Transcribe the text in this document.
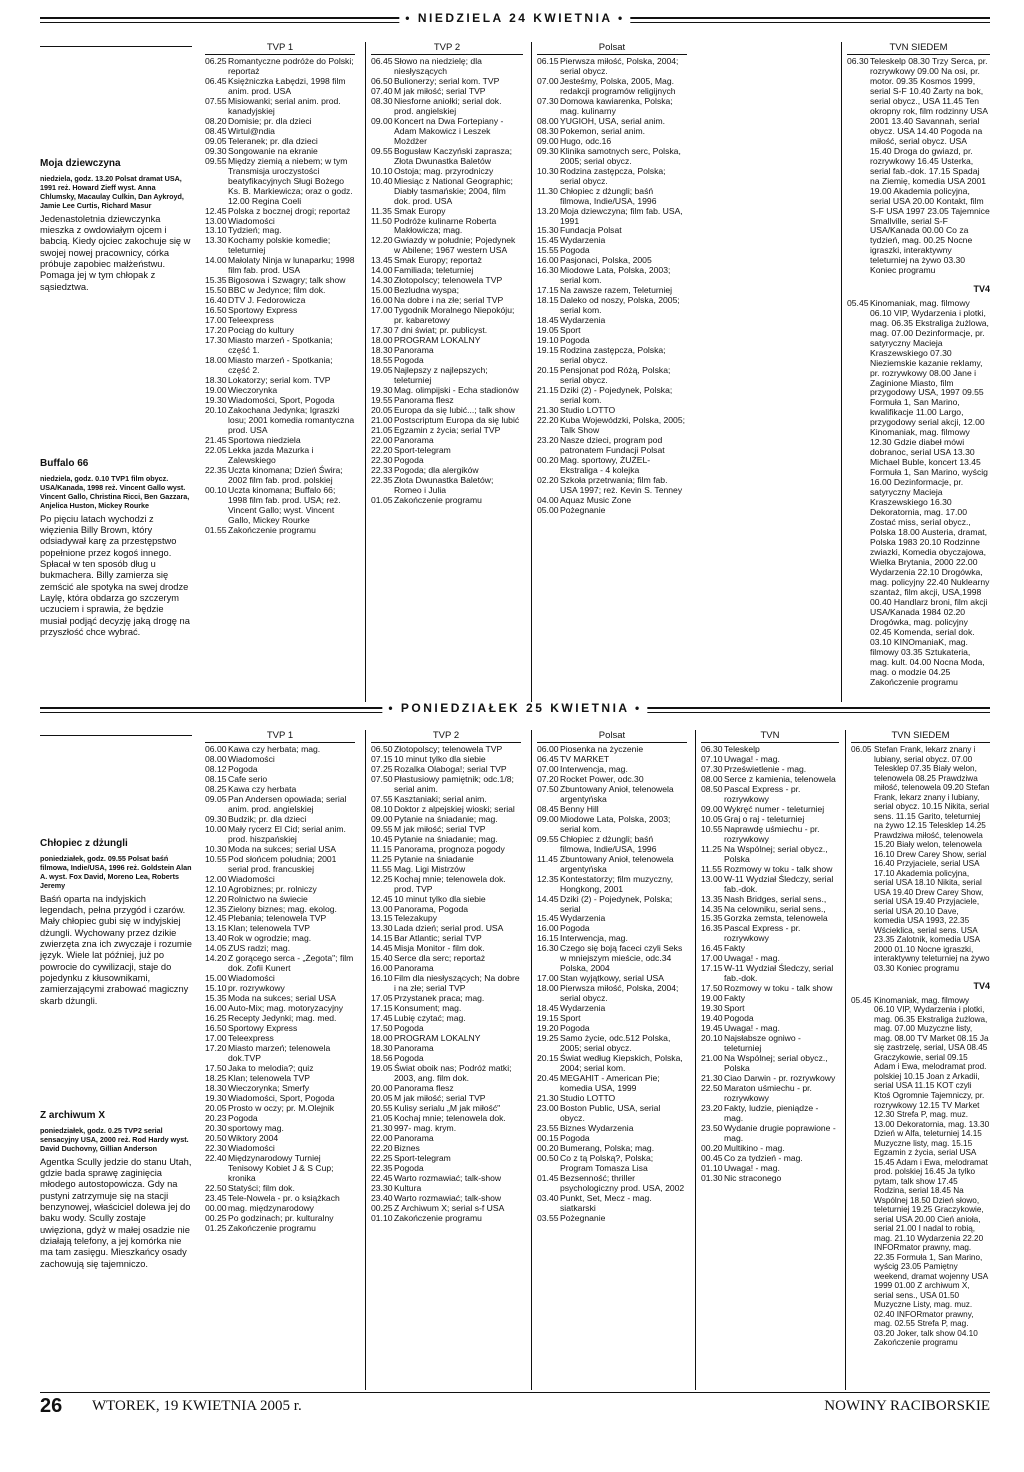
• NIEDZIELA 24 KWIETNIA •
Moja dziewczyna
niedziela, godz. 13.20 Polsat dramat USA, 1991 reż. Howard Zieff wyst. Anna Chlumsky, Macaulay Culkin, Dan Aykroyd, Jamie Lee Curtis, Richard Masur
Jedenastoletnia dziewczynka mieszka z owdowiałym ojcem i babcią. Kiedy ojciec zakochuje się w swojej nowej pracownicy, córka próbuje zapobiec małżeństwu. Pomaga jej w tym chłopak z sąsiedztwa.
Buffalo 66
niedziela, godz. 0.10 TVP1 film obycz. USA/Kanada, 1998 reż. Vincent Gallo wyst. Vincent Gallo, Christina Ricci, Ben Gazzara, Anjelica Huston, Mickey Rourke
Po pięciu latach wychodzi z więzienia Billy Brown, który odsiadywał karę za przestępstwo popełnione przez kogoś innego. Spłacał w ten sposób dług u bukmachera. Billy zamierza się zemścić ale spotyka na swej drodze Laylę, która obdarza go szczerym uczuciem i sprawia, że będzie musiał podjąć decyzję jaką drogę na przyszłość chce wybrać.
TVP 1
06.25 Romantyczne podróże do Polski; reportaż
06.45 Księżniczka Łabędzi, 1998 film anim. prod. USA
07.55 Misiowanki; serial anim. prod. kanadyjskiej
08.20 Domisie; pr. dla dzieci
08.45 Wirtul@ndia
09.05 Teleranek; pr. dla dzieci
09.30 Songowanie na ekranie
09.55 Między ziemią a niebem; w tym Transmisja uroczystości beatyfikacyjnych Sługi Bożego Ks. B. Markiewicza; oraz o godz. 12.00 Regina Coeli
12.45 Polska z bocznej drogi; reportaż
13.00 Wiadomości
13.10 Tydzień; mag.
13.30 Kochamy polskie komedie; teleturniej
14.00 Małolaty Ninja w lunaparku; 1998 film fab. prod. USA
15.35 Bigosowa i Szwagry; talk show
15.50 BBC w Jedynce; film dok.
16.40 DTV J. Fedorowicza
16.50 Sportowy Express
17.00 Teleexpress
17.20 Pociąg do kultury
17.30 Miasto marzeń - Spotkania; część 1.
18.00 Miasto marzeń - Spotkania; część 2.
18.30 Lokatorzy; serial kom. TVP
19.00 Wieczorynka
19.30 Wiadomości, Sport, Pogoda
20.10 Zakochana Jedynka; Igraszki losu; 2001 komedia romantyczna prod. USA
21.45 Sportowa niedziela
22.05 Lekka jazda Mazurka i Zalewskiego
22.35 Uczta kinomana; Dzień Świra; 2002 film fab. prod. polskiej
00.10 Uczta kinomana; Buffalo 66; 1998 film fab. prod. USA; reż. Vincent Gallo; wyst. Vincent Gallo, Mickey Rourke
01.55 Zakończenie programu
TVP 2
06.45 Słowo na niedzielę; dla niesłyszących
06.50 Bulionerzy; serial kom. TVP
07.40 M jak miłość; serial TVP
08.30 Niesforne aniołki; serial dok. prod. angielskiej
09.00 Koncert na Dwa Fortepiany - Adam Makowicz i Leszek Możdżer
09.55 Bogusław Kaczyński zaprasza; Złota Dwunastka Baletów
10.10 Ostoja; mag. przyrodniczy
10.40 Miesiąc z National Geographic; Diabły tasmańskie; 2004, film dok. prod. USA
11.35 Smak Europy
11.50 Podróże kulinarne Roberta Makłowicza; mag.
12.20 Gwiazdy w południe; Pojedynek w Abilene; 1967 western USA
13.45 Smak Europy; reportaż
14.00 Familiada; teleturniej
14.30 Złotopolscy; telenowela TVP
15.00 Bezludna wyspa;
16.00 Na dobre i na złe; serial TVP
17.00 Tygodnik Moralnego Niepokóju; pr. kabaretowy
17.30 7 dni świat; pr. publicyst.
18.00 PROGRAM LOKALNY
18.30 Panorama
18.55 Pogoda
19.05 Najlepszy z najlepszych; teleturniej
19.30 Mag. olimpijski - Echa stadionów
19.55 Panorama flesz
20.05 Europa da się lubić...; talk show
21.00 Postscriptum Europa da się lubić
21.05 Egzamin z życia; serial TVP
22.00 Panorama
22.20 Sport-telegram
22.30 Pogoda
22.33 Pogoda; dla alergików
22.35 Złota Dwunastka Baletów; Romeo i Julia
01.05 Zakończenie programu
Polsat
06.15 Pierwsza miłość, Polska, 2004; serial obycz.
07.00 Jesteśmy, Polska, 2005, Mag. redakcji programów religijnych
07.30 Domowa kawiarenka, Polska; mag. kulinarny
08.00 YUGIOH, USA, serial anim.
08.30 Pokemon, serial anim.
09.00 Hugo, odc.16
09.30 Klinika samotnych serc, Polska, 2005; serial obycz.
10.30 Rodzina zastępcza, Polska; serial obycz.
11.30 Chłopiec z dżungli; baśń filmowa, Indie/USA, 1996
13.20 Moja dziewczyna; film fab. USA, 1991
15.30 Fundacja Polsat
15.45 Wydarzenia
15.55 Pogoda
16.00 Pasjonaci, Polska, 2005
16.30 Miodowe Lata, Polska, 2003; serial kom.
17.15 Na zawsze razem, Teleturniej
18.15 Daleko od noszy, Polska, 2005; serial kom.
18.45 Wydarzenia
19.05 Sport
19.10 Pogoda
19.15 Rodzina zastępcza, Polska; serial obycz.
20.15 Pensjonat pod Różą, Polska; serial obycz.
21.15 Dziki (2) - Pojedynek, Polska; serial kom.
21.30 Studio LOTTO
22.20 Kuba Wojewódzki, Polska, 2005; Talk Show
23.20 Nasze dzieci, program pod patronatem Fundacji Polsat
00.20 Mag. sportowy, ŻUŻEL-Ekstraliga - 4 kolejka
02.20 Szkoła przetrwania; film fab. USA 1997; reż. Kevin S. Tenney
04.00 Aquaz Music Zone
05.00 Pożegnanie
TVN SIEDEM
06.30 Teleskelp 08.30 Trzy Serca, pr. rozrywkowy 09.00 Na osi, pr. motor. 09.35 Kosmos 1999, serial S-F 10.40 Żarty na bok, serial obycz., USA 11.45 Ten okropny rok, film rodzinny USA 2001 13.40 Savannah, serial obycz. USA 14.40 Pogoda na miłość, serial obycz. USA 15.40 Droga do gwiazd, pr. rozrywkowy 16.45 Usterka, serial fab.-dok. 17.15 Spadaj na Ziemię, komedia USA 2001 19.00 Akademia policyjna, serial USA 20.00 Kontakt, film S-F USA 1997 23.05 Tajemnice Smallville, serial S-F USA/Kanada 00.00 Co za tydzień, mag. 00.25 Nocne igraszki, interaktywny teleturniej na żywo 03.30 Koniec programu
TV4
05.45 Kinomaniak, mag. filmowy 06.10 VIP, Wydarzenia i plotki, mag. 06.35 Ekstraliga żużlowa, mag. 07.00 Dezinformacje, pr. satyryczny Macieja Kraszewskiego 07.30 Nieziemskie kazanie reklamy, pr. rozrywkowy 08.00 Jane i Zaginione Miasto, film przygodowy USA, 1997 09.55 Formuła 1, San Marino, kwalifikacje 11.00 Largo, przygodowy serial akcji, 12.00 Kinomaniak, mag. filmowy 12.30 Gdzie diabeł mówi dobranoc, serial USA 13.30 Michael Buble, koncert 13.45 Formuła 1, San Marino, wyścig 16.00 Dezinformacje, pr. satyryczny Macieja Kraszewskiego 16.30 Dekoratornia, mag. 17.00 Zostać miss, serial obycz., Polska 18.00 Austeria, dramat, Polska 1983 20.10 Rodzinne zwiazki, Komedia obyczajowa, Wielka Brytania, 2000 22.00 Wydarzenia 22.10 Drogówka, mag. policyjny 22.40 Nuklearny szantaż, film akcji, USA,1998 00.40 Handlarz broni, film akcji USA/Kanada 1984 02.20 Drogówka, mag. policyjny 02.45 Komenda, serial dok. 03.10 KINOmaniaK, mag. filmowy 03.35 Sztukateria, mag. kult. 04.00 Nocna Moda, mag. o modzie 04.25 Zakończenie programu
• PONIEDZIAŁEK 25 KWIETNIA •
Chłopiec z dżungli
poniedziałek, godz. 09.55 Polsat baśń filmowa, Indie/USA, 1996 reż. Goldstein Alan A. wyst. Fox David, Moreno Lea, Roberts Jeremy
Baśń oparta na indyjskich legendach, pełna przygód i czarów. Mały chłopiec gubi się w indyjskiej dżungli. Wychowany przez dzikie zwierzęta zna ich zwyczaje i rozumie język. Wiele lat później, już po powrocie do cywilizacji, staje do pojedynku z kłusownikami, zamierzającymi zrabować magiczny skarb dżungli.
Z archiwum X
poniedziałek, godz. 0.25 TVP2 serial sensacyjny USA, 2000 reż. Rod Hardy wyst. David Duchovny, Gillian Anderson
Agentka Scully jedzie do stanu Utah, gdzie bada sprawę zaginięcia młodego autostopowicza. Gdy na pustyni zatrzymuje się na stacji benzynowej, właściciel dolewa jej do baku wody. Scully zostaje uwięziona, gdyż w małej osadzie nie działają telefony, a jej komórka nie ma tam zasięgu. Mieszkańcy osady zachowują się tajemniczo.
TVP 1
06.00 Kawa czy herbata; mag.
08.00 Wiadomości
08.12 Pogoda
08.15 Cafe serio
08.25 Kawa czy herbata
09.05 Pan Andersen opowiada; serial anim. prod. angielskiej
09.30 Budzik; pr. dla dzieci
10.00 Mały rycerz El Cid; serial anim. prod. hiszpańskiej
10.30 Moda na sukces; serial USA
10.55 Pod słońcem południa; 2001 serial prod. francuskiej
12.00 Wiadomości
12.10 Agrobiznes; pr. rolniczy
12.20 Rolnictwo na świecie
12.35 Zielony biznes; mag. ekolog.
12.45 Plebania; telenowela TVP
13.15 Klan; telenowela TVP
13.40 Rok w ogrodzie; mag.
14.05 ZUS radzi; mag.
14.20 Z gorącego serca - „Żegota"; film dok. Zofii Kunert
15.00 Wiadomości
15.10 pr. rozrywkowy
15.35 Moda na sukces; serial USA
16.00 Auto-Mix; mag. motoryzacyjny
16.25 Recepty Jedynki; mag. med.
16.50 Sportowy Express
17.00 Teleexpress
17.20 Miasto marzeń; telenowela dok.TVP
17.50 Jaka to melodia?; quiz
18.25 Klan; telenowela TVP
18.30 Wieczorynka; Smerfy
19.30 Wiadomości, Sport, Pogoda
20.05 Prosto w oczy; pr. M.Olejnik
20.23 Pogoda
20.30 sportowy mag.
20.50 Wiktory 2004
22.30 Wiadomości
22.40 Międzynarodowy Turniej Tenisowy Kobiet J & S Cup; kronika
22.50 Statyści; film dok.
23.45 Tele-Nowela - pr. o książkach
00.00 mag. międzynarodowy
00.25 Po godzinach; pr. kulturalny
01.25 Zakończenie programu
TVP 2
06.50 Złotopolscy; telenowela TVP
07.15 10 minut tylko dla siebie
07.25 Rozalka Olaboga!; serial TVP
07.50 Płastusiowy pamiętnik; odc.1/8; serial anim.
07.55 Kasztaniaki; serial anim.
08.10 Doktor z alpejskiej wioski; serial
09.00 Pytanie na śniadanie; mag.
09.55 M jak miłość; serial TVP
10.45 Pytanie na śniadanie; mag.
11.15 Panorama, prognoza pogody
11.25 Pytanie na śniadanie
11.55 Mag. Ligi Mistrzów
12.25 Kochaj mnie; telenowela dok. prod. TVP
12.45 10 minut tylko dla siebie
13.00 Panorama, Pogoda
13.15 Telezakupy
13.30 Lada dzień; serial prod. USA
14.15 Bar Atlantic; serial TVP
14.45 Misja Monitor - film dok.
15.40 Serce dla serc; reportaż
16.00 Panorama
16.10 Film dla niesłyszących; Na dobre i na złe; serial TVP
17.05 Przystanek praca; mag.
17.15 Konsument; mag.
17.45 Lubię czytać; mag.
17.50 Pogoda
18.00 PROGRAM LOKALNY
18.30 Panorama
18.56 Pogoda
19.05 Świat oboik nas; Podróż matki; 2003, ang. film dok.
20.00 Panorama flesz
20.05 M jak miłość; serial TVP
20.55 Kulisy serialu „M jak miłość"
21.05 Kochaj mnie; telenowela dok.
21.30 997- mag. krym.
22.00 Panorama
22.20 Biznes
22.25 Sport-telegram
22.35 Pogoda
22.45 Warto rozmawiać; talk-show
23.30 Kultura
23.40 Warto rozmawiać; talk-show
00.25 Z Archiwum X; serial s-f USA
01.10 Zakończenie programu
Polsat
06.00 Piosenka na życzenie
06.45 TV MARKET
07.00 Interwencja, mag.
07.20 Rocket Power, odc.30
07.50 Zbuntowany Anioł, telenowela argentyńska
08.45 Benny Hill
09.00 Miodowe Lata, Polska, 2003; serial kom.
09.55 Chłopiec z dżungli; baśń filmowa, Indie/USA, 1996
11.45 Zbuntowany Anioł, telenowela argentyńska
12.35 Kontestatorzy; film muzyczny, Hongkong, 2001
14.45 Dziki (2) - Pojedynek, Polska; serial
15.45 Wydarzenia
16.00 Pogoda
16.15 Interwencja, mag.
16.30 Czego się boją faceci czyli Seks w mniejszym mieście, odc.34 Polska, 2004
17.00 Stan wyjątkowy, serial USA
18.00 Pierwsza miłość, Polska, 2004; serial obycz.
18.45 Wydarzenia
19.15 Sport
19.20 Pogoda
19.25 Samo życie, odc.512 Polska, 2005; serial obycz.
20.15 Świat według Kiepskich, Polska, 2004; serial kom.
20.45 MEGAHIT - American Pie; komedia USA, 1999
21.30 Studio LOTTO
23.00 Boston Public, USA, serial obycz.
23.55 Biznes Wydarzenia
00.15 Pogoda
00.20 Bumerang, Polska; mag.
00.50 Co z tą Polską?, Polska; Program Tomasza Lisa
01.45 Bezsenność; thriller psychologiczny prod. USA, 2002
03.40 Punkt, Set, Mecz - mag. siatkarski
03.55 Pożegnanie
TVN
06.30 Teleskelp
07.10 Uwaga! - mag.
07.30 Prześwietlenie - mag.
08.00 Serce z kamienia, telenowela
08.50 Pascal Express - pr. rozrywkowy
09.00 Wykręć numer - teleturniej
10.05 Graj o raj - teleturniej
10.55 Naprawdę uśmiechu - pr. rozrywkowy
11.25 Na Wspólnej; serial obycz., Polska
11.55 Rozmowy w toku - talk show
13.00 W-11 Wydział Śledczy, serial fab.-dok.
13.35 Nash Bridges, serial sens.,
14.35 Na celowniku, serial sens.,
15.35 Gorzka zemsta, telenowela
16.35 Pascal Express - pr. rozrywkowy
16.45 Fakty
17.00 Uwaga! - mag.
17.15 W-11 Wydział Śledczy, serial fab.-dok.
17.50 Rozmowy w toku - talk show
19.00 Fakty
19.30 Sport
19.40 Pogoda
19.45 Uwaga! - mag.
20.10 Najsłabsze ogniwo - teleturniej
21.00 Na Wspólnej; serial obycz., Polska
21.30 Ciao Darwin - pr. rozrywkowy
22.50 Maraton uśmiechu - pr. rozrywkowy
23.20 Fakty, ludzie, pieniądze - mag.
23.50 Wydanie drugie poprawione - mag.
00.20 Multikino - mag.
00.45 Co za tydzień - mag.
01.10 Uwaga! - mag.
01.30 Nic straconego
TVN SIEDEM
06.05 Stefan Frank, lekarz znany i lubiany, serial obycz. 07.00 Telesklep 07.35 Biały welon, telenowela 08.25 Prawdziwa miłość, telenowela 09.20 Stefan Frank, lekarz znany i lubiany, serial obycz. 10.15 Nikita, serial sens. 11.15 Garito, teleturniej na żywo 12.15 Telesklep 14.25 Prawdziwa miłość, telenowela 15.20 Biały welon, telenowela 16.10 Drew Carey Show, serial 16.40 Przyjaciele, serial USA 17.10 Akademia policyjna, serial USA 18.10 Nikita, serial USA 19.40 Drew Carey Show, serial USA 19.40 Przyjaciele, serial USA 20.10 Dave, komedia USA 1993, 22.35 Wścieklica, serial sens. USA 23.35 Zalotnik, komedia USA 2000 01.10 Nocne igraszki, interaktywny teleturniej na żywo 03.30 Koniec programu
TV4
05.45 Kinomaniak, mag. filmowy 06.10 VIP, Wydarzenia i plotki, mag. 06.35 Ekstraliga żużlowa, mag. 07.00 Muzyczne listy, mag. 08.00 TV Market 08.15 Ja się zastrzelę, serial, USA 08.45 Graczykowie, serial 09.15 Adam i Ewa, melodramat prod. polskiej 10.15 Joan z Arkadii, serial USA 11.15 KOT czyli Ktoś Ogromnie Tajemniczy, pr. rozrywkowy 12.15 TV Market 12.30 Strefa P, mag. muz. 13.00 Dekoratornia, mag. 13.30 Dzień w Alfa, teleturniej 14.15 Muzyczne listy, mag. 15.15 Egzamin z życia, serial USA 15.45 Adam i Ewa, melodramat prod. polskiej 16.45 Ja tylko pytam, talk show 17.45 Rodzina, serial 18.45 Na Wspólnej 18.50 Dzień słowo, teleturniej 19.25 Graczykowie, serial USA 20.00 Cień anioła, serial 21.00 I nadal to robią, mag. 21.10 Wydarzenia 22.20 INFORmator prawny, mag. 22.35 Formuła 1, San Marino, wyścig 23.05 Pamiętny weekend, dramat wojenny USA 1999 01.00 Z archiwum X, serial sens., USA 01.50 Muzyczne Listy, mag. muz. 02.40 INFORmator prawny, mag. 02.55 Strefa P, mag. 03.20 Joker, talk show 04.10 Zakończenie programu
26 WTOREK, 19 KWIETNIA 2005 r.	NOWINY RACIBORSKIE
